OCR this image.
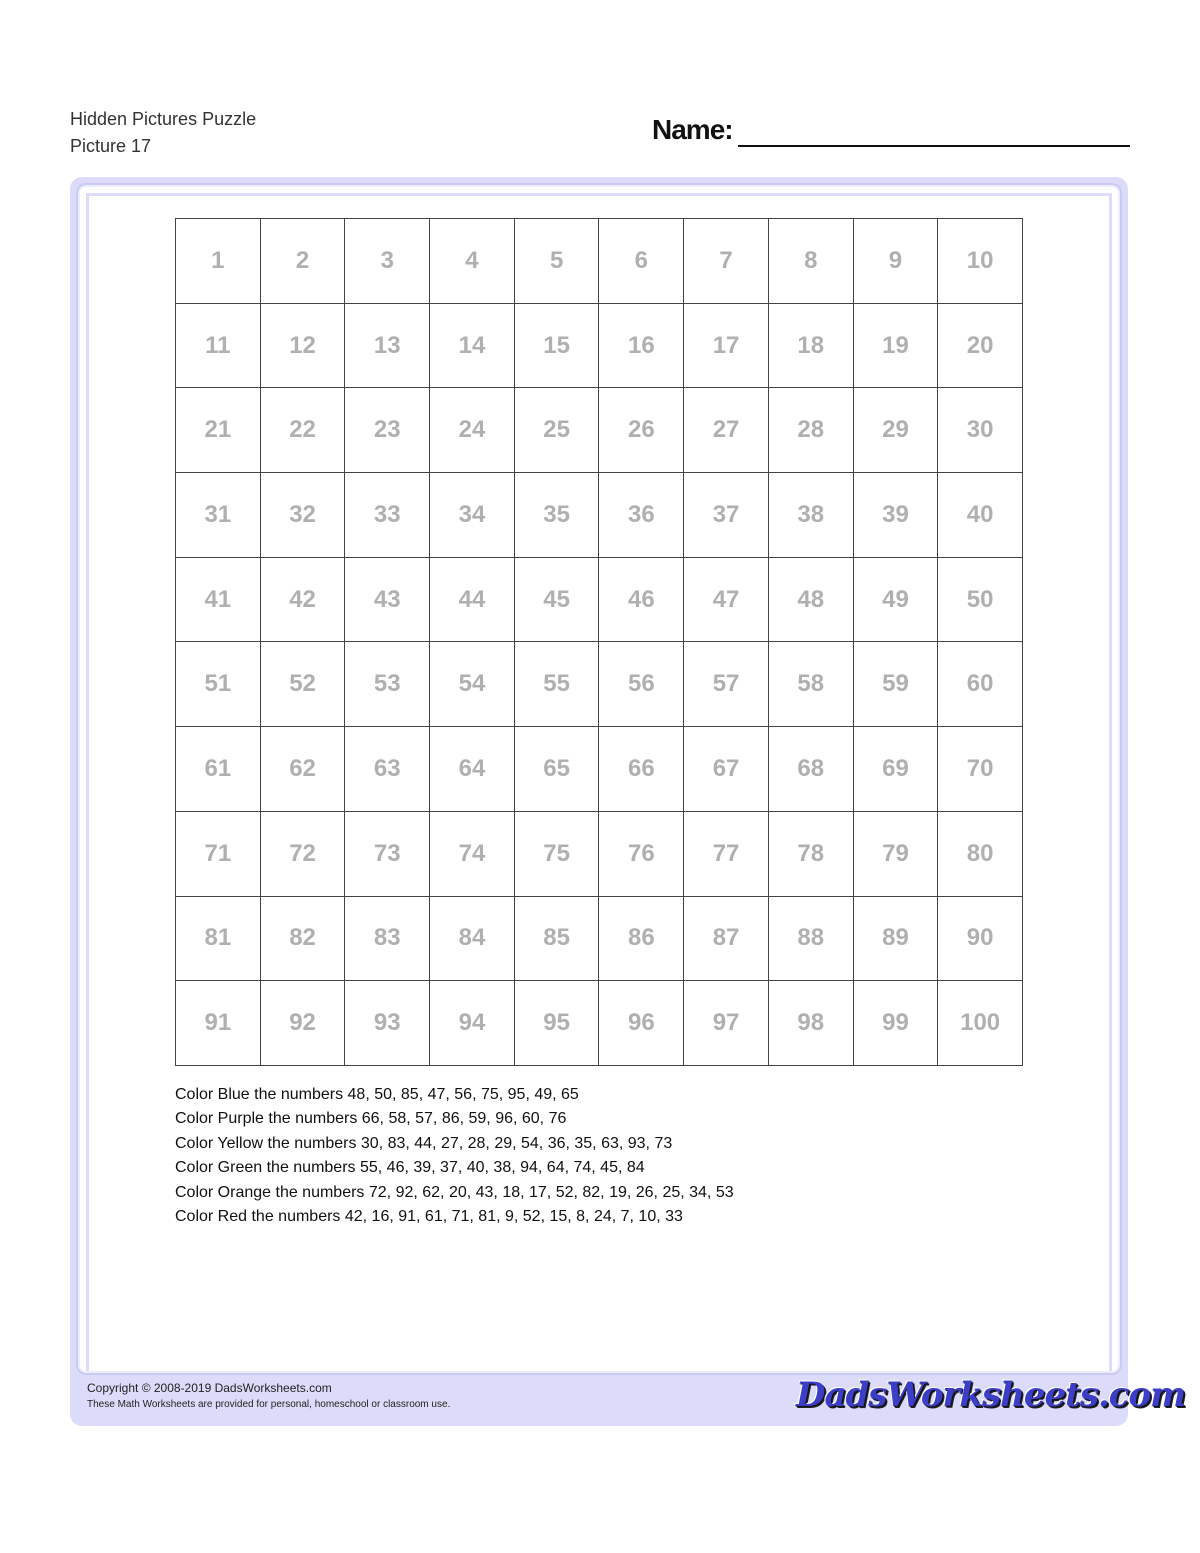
Hidden Pictures Puzzle
Picture 17
Name:
1	2	3	4	5	6	7	8	9	10
11	12	13	14	15	16	17	18	19	20
21	22	23	24	25	26	27	28	29	30
31	32	33	34	35	36	37	38	39	40
41	42	43	44	45	46	47	48	49	50
51	52	53	54	55	56	57	58	59	60
61	62	63	64	65	66	67	68	69	70
71	72	73	74	75	76	77	78	79	80
81	82	83	84	85	86	87	88	89	90
91	92	93	94	95	96	97	98	99	100
Color Blue the numbers 48, 50, 85, 47, 56, 75, 95, 49, 65
Color Purple the numbers 66, 58, 57, 86, 59, 96, 60, 76
Color Yellow the numbers 30, 83, 44, 27, 28, 29, 54, 36, 35, 63, 93, 73
Color Green the numbers 55, 46, 39, 37, 40, 38, 94, 64, 74, 45, 84
Color Orange the numbers 72, 92, 62, 20, 43, 18, 17, 52, 82, 19, 26, 25, 34, 53
Color Red the numbers 42, 16, 91, 61, 71, 81, 9, 52, 15, 8, 24, 7, 10, 33
Copyright © 2008-2019 DadsWorksheets.com
These Math Worksheets are provided for personal, homeschool or classroom use.	DadsWorksheets.com
